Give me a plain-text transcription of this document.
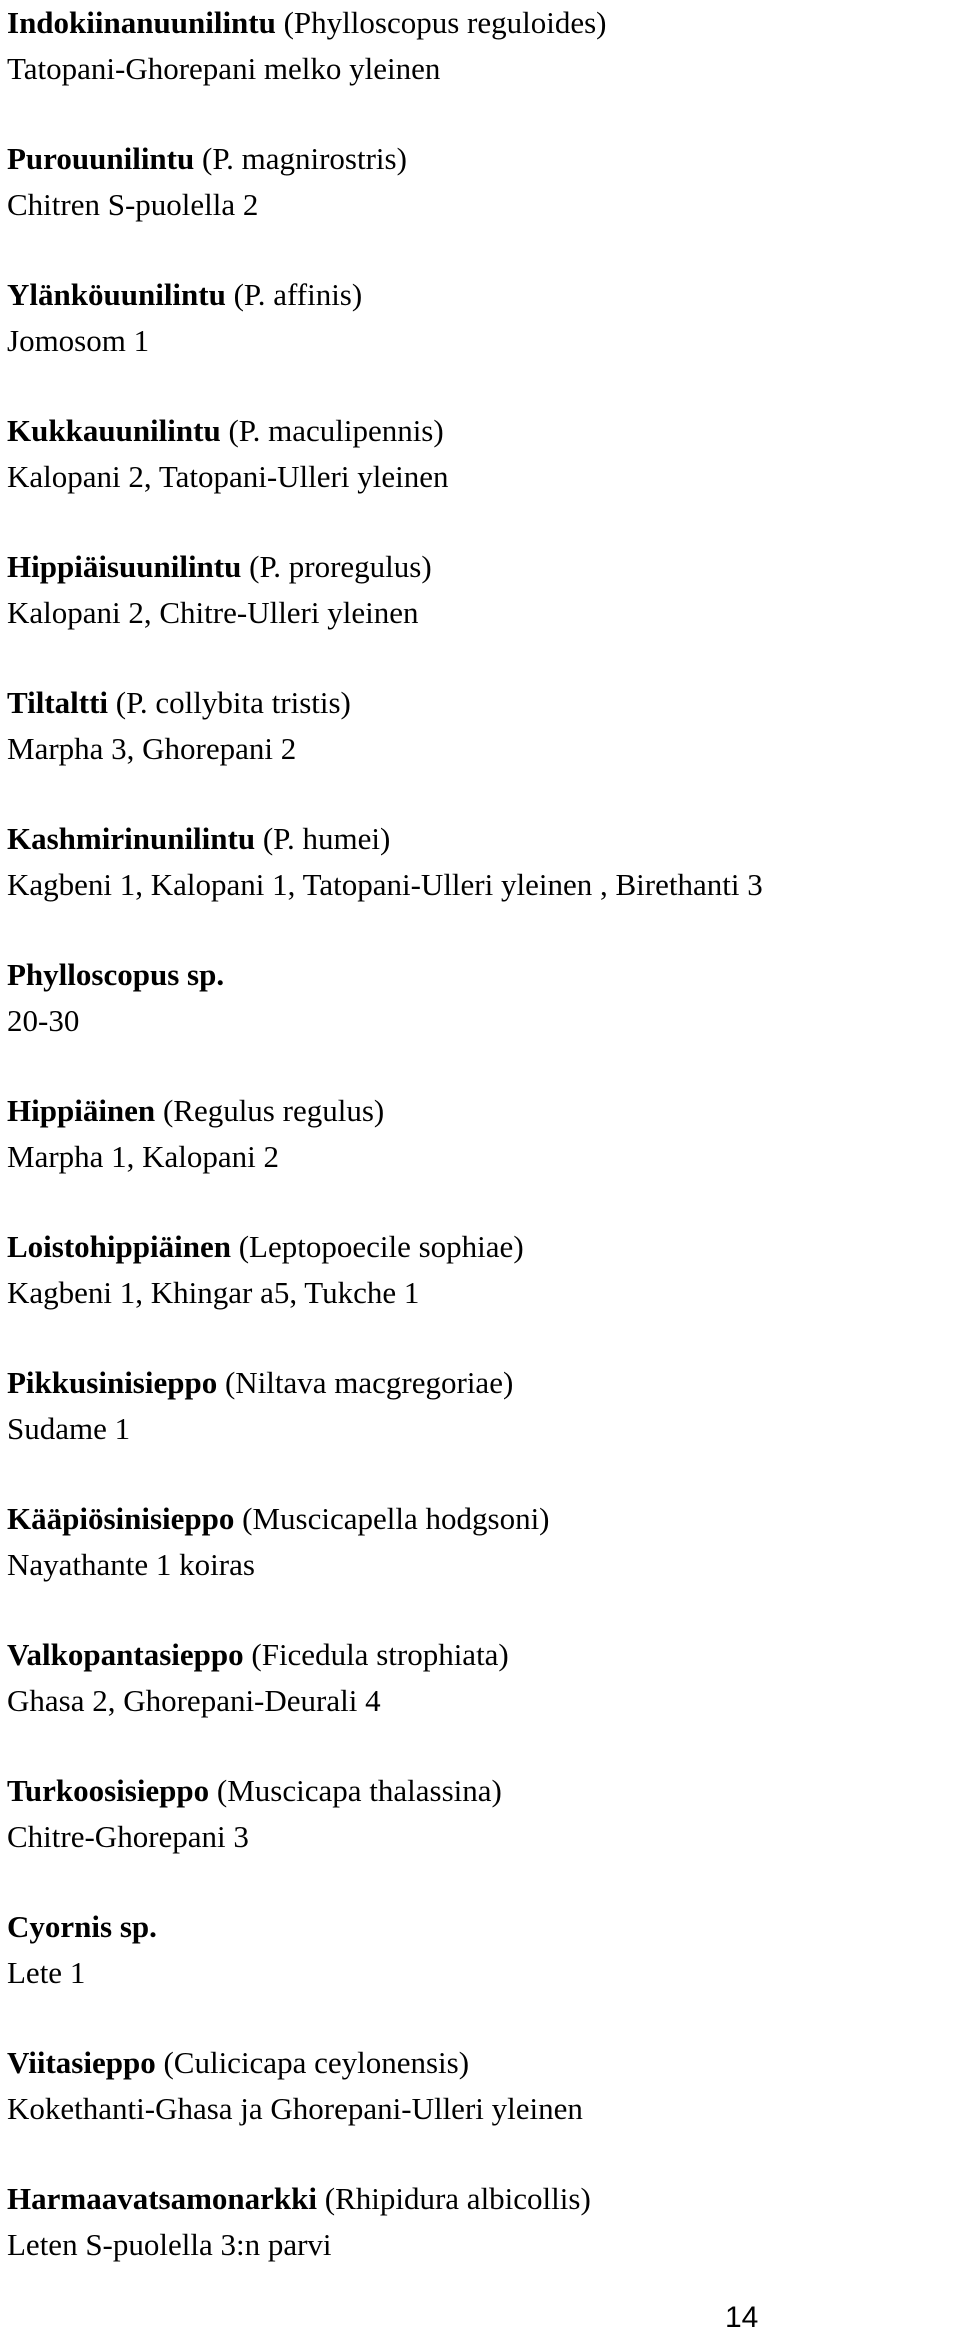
Indokiinanuunilintu (Phylloscopus reguloides)
Tatopani-Ghorepani melko yleinen
Purouunilintu (P. magnirostris)
Chitren S-puolella 2
Ylänköuunilintu (P. affinis)
Jomosom 1
Kukkauunilintu (P. maculipennis)
Kalopani 2, Tatopani-Ulleri yleinen
Hippiäisuunilintu (P. proregulus)
Kalopani 2, Chitre-Ulleri yleinen
Tiltaltti (P. collybita tristis)
Marpha 3, Ghorepani 2
Kashmirinunilintu (P. humei)
Kagbeni 1, Kalopani 1, Tatopani-Ulleri yleinen , Birethanti 3
Phylloscopus sp.
20-30
Hippiäinen (Regulus regulus)
Marpha 1, Kalopani 2
Loistohippiäinen (Leptopoecile sophiae)
Kagbeni 1, Khingar a5, Tukche 1
Pikkusinisieppo (Niltava macgregoriae)
Sudame 1
Kääpiösinisieppo (Muscicapella hodgsoni)
Nayathante 1 koiras
Valkopantasieppo (Ficedula strophiata)
Ghasa 2, Ghorepani-Deurali 4
Turkoosisieppo (Muscicapa thalassina)
Chitre-Ghorepani 3
Cyornis sp.
Lete 1
Viitasieppo (Culicicapa ceylonensis)
Kokethanti-Ghasa ja Ghorepani-Ulleri yleinen
Harmaavatsamonarkki (Rhipidura albicollis)
Leten S-puolella 3:n parvi
14
